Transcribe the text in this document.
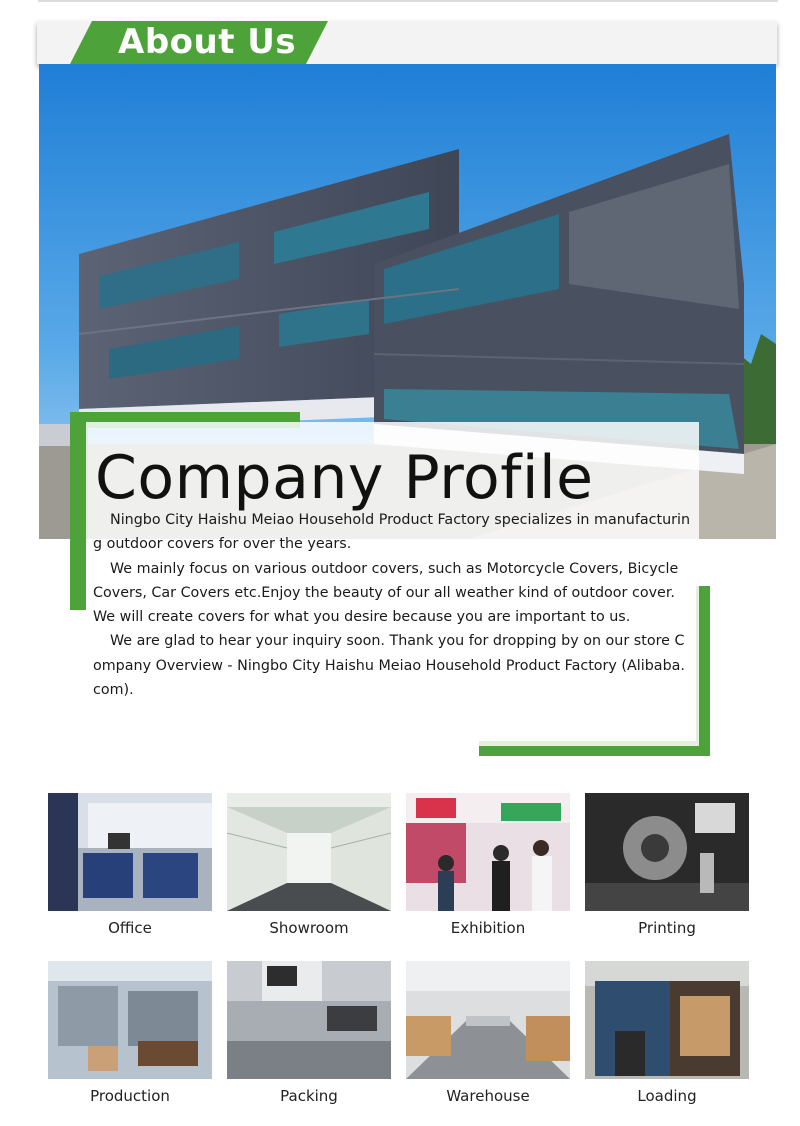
About Us
Company Profile

Ningbo City Haishu Meiao Household Product Factory specializes in manufacturing outdoor covers for over the years.

We mainly focus on various outdoor covers, such as Motorcycle Covers, Bicycle Covers, Car Covers etc.Enjoy the beauty of our all weather kind of outdoor cover. We will create covers for what you desire because you are important to us.

We are glad to hear your inquiry soon. Thank you for dropping by on our store Company Overview - Ningbo City Haishu Meiao Household Product Factory (Alibaba.com).

Office	Showroom	Exhibition	Printing
Production	Packing	Warehouse	Loading
